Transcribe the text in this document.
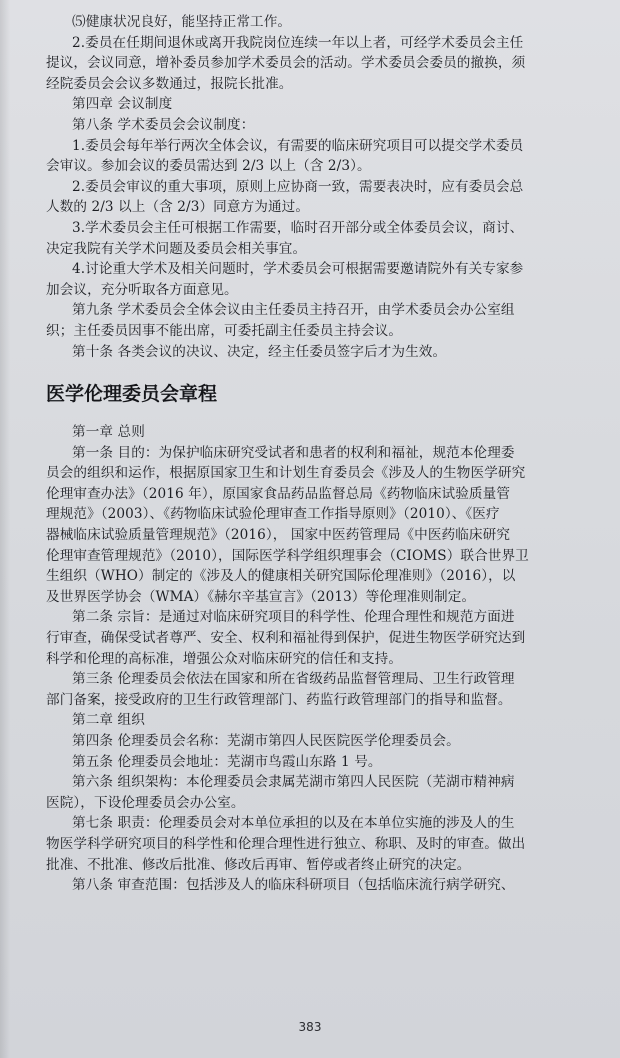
⑸健康状况良好，能坚持正常工作。
2.委员在任期间退休或离开我院岗位连续一年以上者，可经学术委员会主任
提议，会议同意，增补委员参加学术委员会的活动。学术委员会委员的撤换，须
经院委员会会议多数通过，报院长批准。
第四章 会议制度
第八条 学术委员会会议制度：
1.委员会每年举行两次全体会议，有需要的临床研究项目可以提交学术委员
会审议。参加会议的委员需达到 2/3 以上（含 2/3）。
2.委员会审议的重大事项，原则上应协商一致，需要表决时，应有委员会总
人数的 2/3 以上（含 2/3）同意方为通过。
3.学术委员会主任可根据工作需要，临时召开部分或全体委员会议，商讨、
决定我院有关学术问题及委员会相关事宜。
4.讨论重大学术及相关问题时，学术委员会可根据需要邀请院外有关专家参
加会议，充分听取各方面意见。
第九条 学术委员会全体会议由主任委员主持召开，由学术委员会办公室组
织；主任委员因事不能出席，可委托副主任委员主持会议。
第十条 各类会议的决议、决定，经主任委员签字后才为生效。
医学伦理委员会章程
第一章 总则
第一条 目的：为保护临床研究受试者和患者的权利和福祉，规范本伦理委
员会的组织和运作，根据原国家卫生和计划生育委员会《涉及人的生物医学研究
伦理审查办法》（2016 年），原国家食品药品监督总局《药物临床试验质量管
理规范》（2003）、《药物临床试验伦理审查工作指导原则》（2010）、《医疗
器械临床试验质量管理规范》（2016）， 国家中医药管理局《中医药临床研究
伦理审查管理规范》（2010），国际医学科学组织理事会（CIOMS）联合世界卫
生组织（WHO）制定的《涉及人的健康相关研究国际伦理准则》（2016），以
及世界医学协会（WMA）《赫尔辛基宣言》（2013）等伦理准则制定。
第二条 宗旨：是通过对临床研究项目的科学性、伦理合理性和规范方面进
行审查，确保受试者尊严、安全、权利和福祉得到保护，促进生物医学研究达到
科学和伦理的高标准，增强公众对临床研究的信任和支持。
第三条 伦理委员会依法在国家和所在省级药品监督管理局、卫生行政管理
部门备案，接受政府的卫生行政管理部门、药监行政管理部门的指导和监督。
第二章 组织
第四条 伦理委员会名称：芜湖市第四人民医院医学伦理委员会。
第五条 伦理委员会地址：芜湖市鸟霞山东路 1 号。
第六条 组织架构：本伦理委员会隶属芜湖市第四人民医院（芜湖市精神病
医院），下设伦理委员会办公室。
第七条 职责：伦理委员会对本单位承担的以及在本单位实施的涉及人的生
物医学科学研究项目的科学性和伦理合理性进行独立、称职、及时的审查。做出
批准、不批准、修改后批准、修改后再审、暂停或者终止研究的决定。
第八条 审查范围：包括涉及人的临床科研项目（包括临床流行病学研究、
383
